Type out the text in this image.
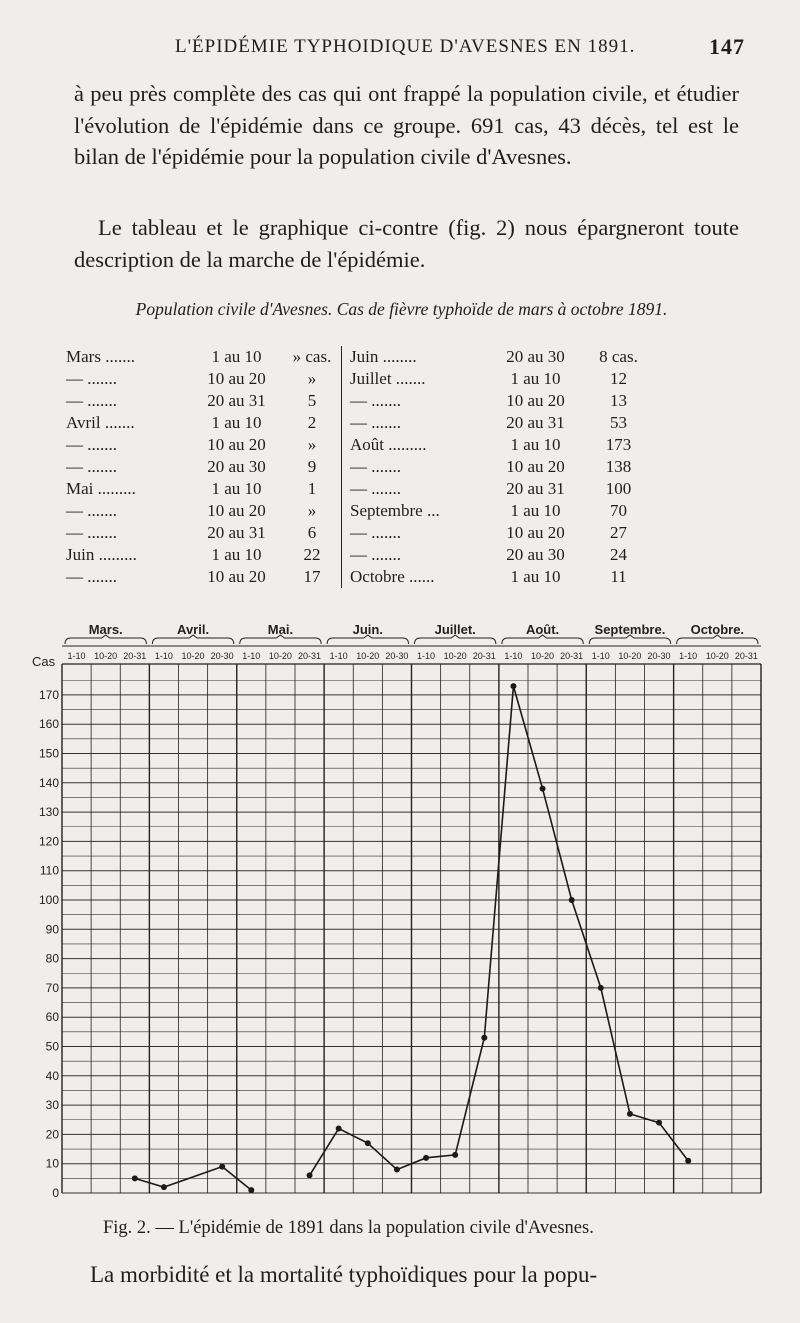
L'ÉPIDÉMIE TYPHOIDIQUE D'AVESNES EN 1891.	147
à peu près complète des cas qui ont frappé la population civile, et étudier l'évolution de l'épidémie dans ce groupe. 691 cas, 43 décès, tel est le bilan de l'épidémie pour la population civile d'Avesnes.
Le tableau et le graphique ci-contre (fig. 2) nous épargneront toute description de la marche de l'épidémie.
Population civile d'Avesnes. Cas de fièvre typhoïde de mars à octobre 1891.
Mars .......	1 au 10	» cas.		Juin ........	20 au 30	8 cas.
— .......	10 au 20	»		Juillet .......	1 au 10	12
— .......	20 au 31	5		— .......	10 au 20	13
Avril .......	1 au 10	2		— .......	20 au 31	53
— .......	10 au 20	»		Août .........	1 au 10	173
— .......	20 au 30	9		— .......	10 au 20	138
Mai .........	1 au 10	1		— .......	20 au 31	100
— .......	10 au 20	»		Septembre ...	1 au 10	70
— .......	20 au 31	6		— .......	10 au 20	27
Juin .........	1 au 10	22		— .......	20 au 30	24
— .......	10 au 20	17		Octobre ......	1 au 10	11
Mars.	Avril.	Mai.	Juin.	Juillet.	Août.	Septembre. Octobre.
1-10 10-20 20-31 1-10 10-20 20-30 1-10 10-20 20-31 1-10 10-20 20-30 1-10 10-20 20-31 1-10 10-20 20-31 1-10 10-20 20-30 1-10 10-20 20-31
Cas
0
10
20
30
40
50
60
70
80
90
100
110
120
130
140
150
160
170
Fig. 2. — L'épidémie de 1891 dans la population civile d'Avesnes.
La morbidité et la mortalité typhoïdiques pour la popu-
